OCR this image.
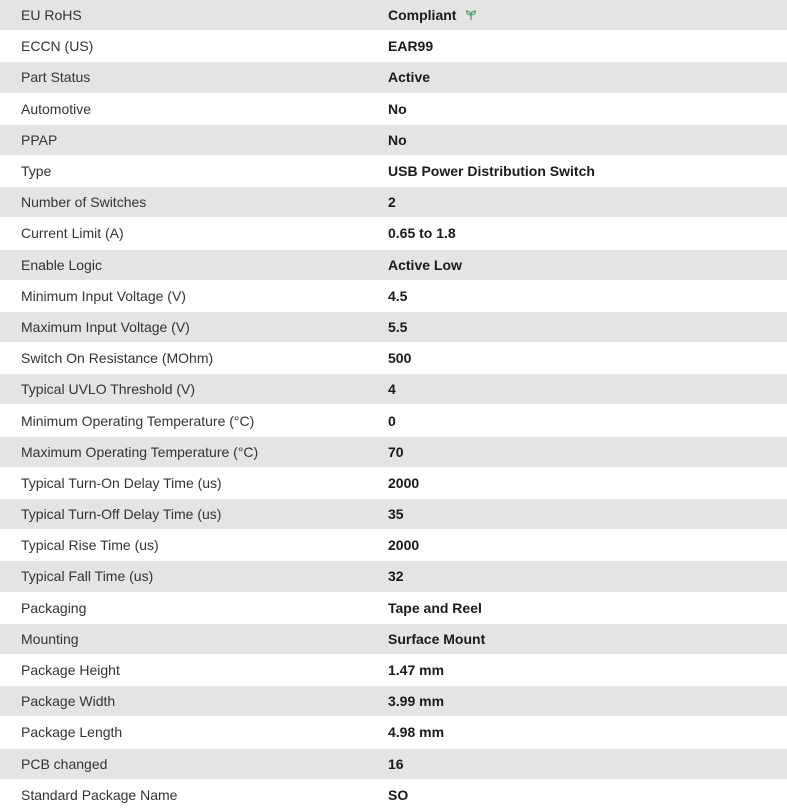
EU RoHS	Compliant
ECCN (US)	EAR99
Part Status	Active
Automotive	No
PPAP	No
Type	USB Power Distribution Switch
Number of Switches	2
Current Limit (A)	0.65 to 1.8
Enable Logic	Active Low
Minimum Input Voltage (V)	4.5
Maximum Input Voltage (V)	5.5
Switch On Resistance (MOhm)	500
Typical UVLO Threshold (V)	4
Minimum Operating Temperature (°C)	0
Maximum Operating Temperature (°C)	70
Typical Turn-On Delay Time (us)	2000
Typical Turn-Off Delay Time (us)	35
Typical Rise Time (us)	2000
Typical Fall Time (us)	32
Packaging	Tape and Reel
Mounting	Surface Mount
Package Height	1.47 mm
Package Width	3.99 mm
Package Length	4.98 mm
PCB changed	16
Standard Package Name	SO
